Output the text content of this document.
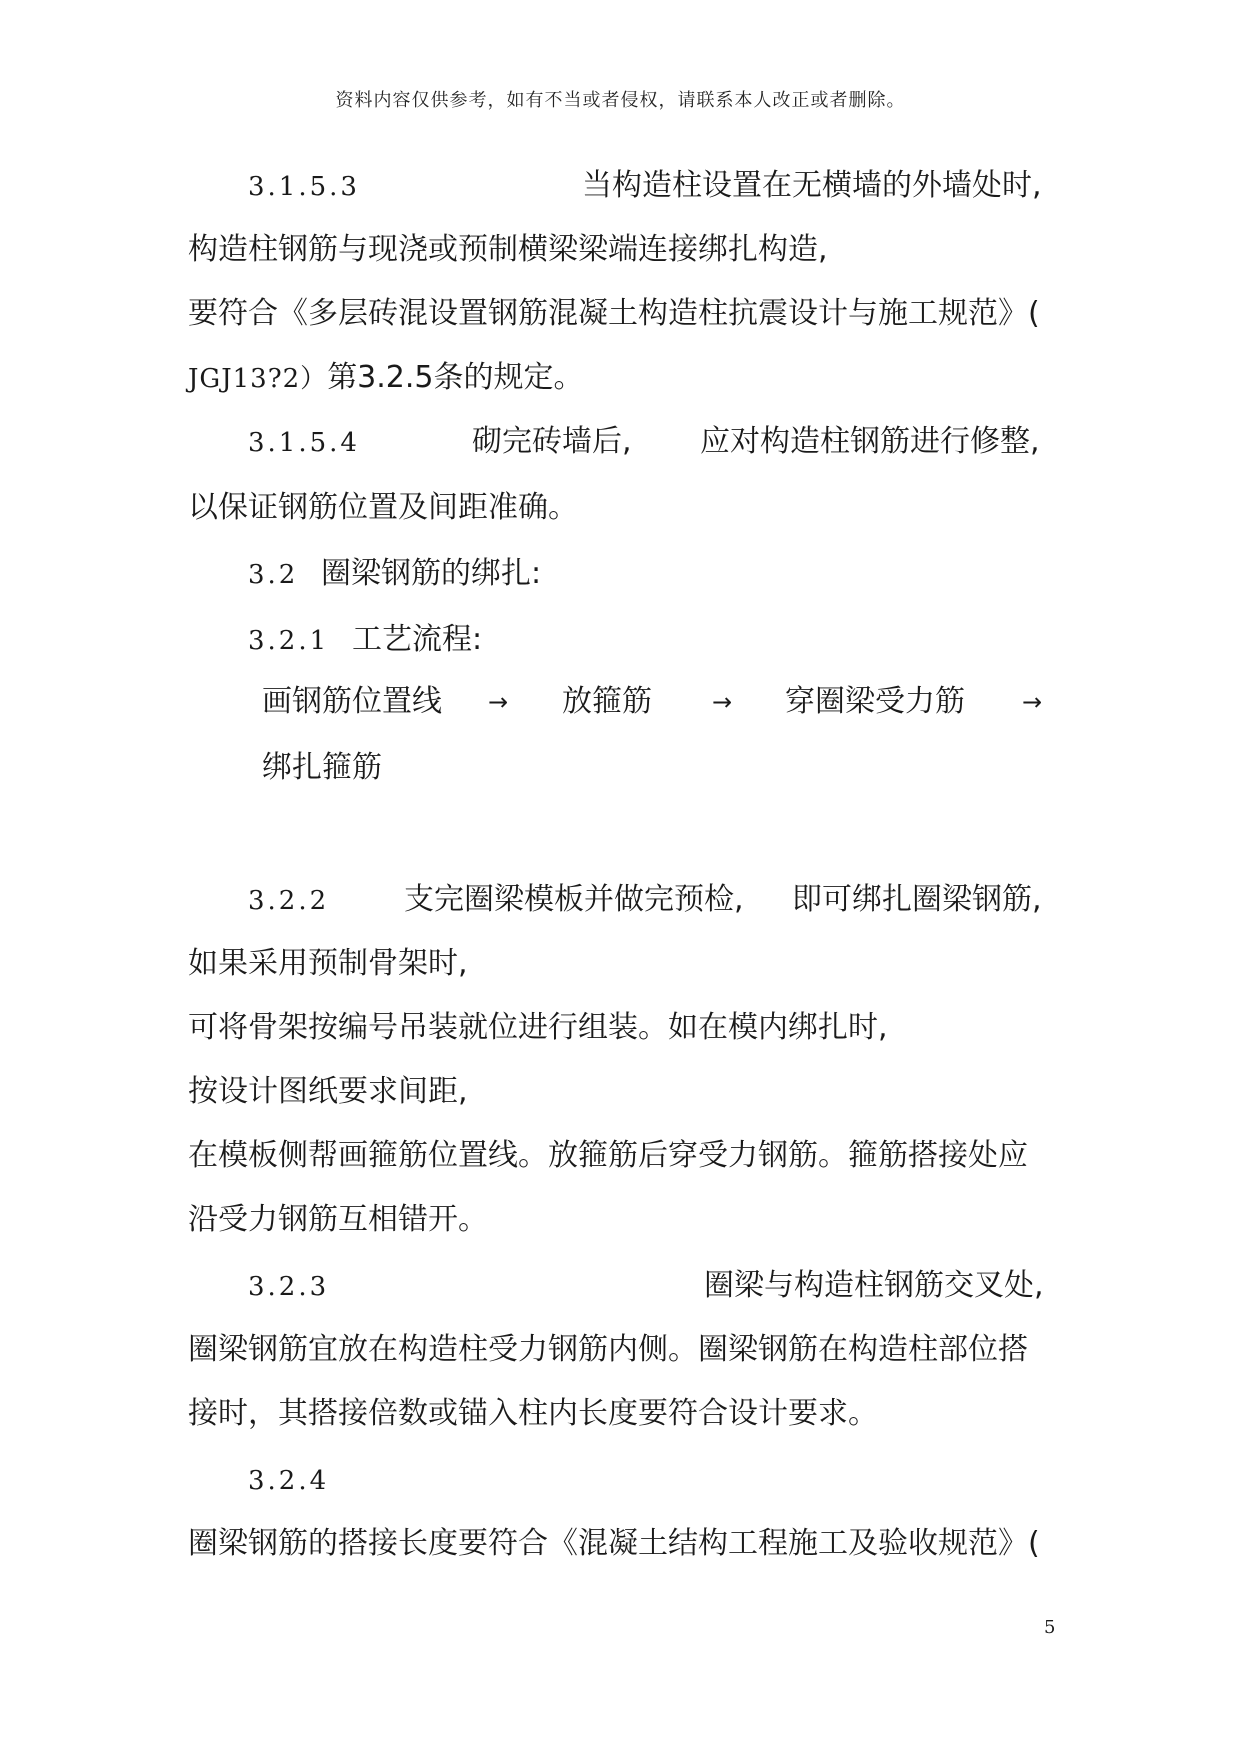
资料内容仅供参考，如有不当或者侵权，请联系本人改正或者删除。
3.1.5.3	当构造柱设置在无横墙的外墙处时,
构造柱钢筋与现浇或预制横梁梁端连接绑扎构造,
要符合《多层砖混设置钢筋混凝土构造柱抗震设计与施工规范》(
JGJ13?2）第3.2.5条的规定。
3.1.5.4	砌完砖墙后, 应对构造柱钢筋进行修整,
以保证钢筋位置及间距准确。
3.2 圈梁钢筋的绑扎:
3.2.1 工艺流程:
画钢筋位置线 → 放箍筋	→ 穿圈梁受力筋 →
绑扎箍筋
3.2.2 支完圈梁模板并做完预检, 即可绑扎圈梁钢筋,
如果采用预制骨架时,
可将骨架按编号吊装就位进行组装。如在模内绑扎时,
按设计图纸要求间距,
在模板侧帮画箍筋位置线。放箍筋后穿受力钢筋。箍筋搭接处应
沿受力钢筋互相错开。
3.2.3	圈梁与构造柱钢筋交叉处,
圈梁钢筋宜放在构造柱受力钢筋内侧。圈梁钢筋在构造柱部位搭
接时，其搭接倍数或锚入柱内长度要符合设计要求。
3.2.4
圈梁钢筋的搭接长度要符合《混凝土结构工程施工及验收规范》(
5
